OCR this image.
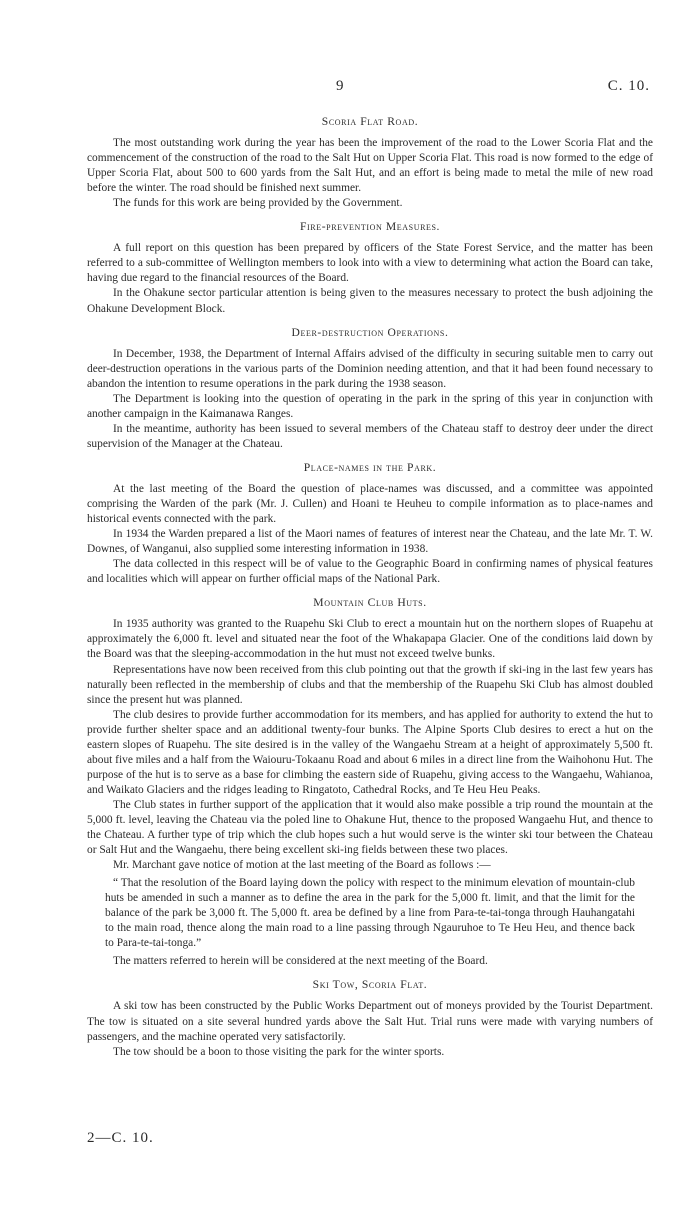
9	C. 10.
Scoria Flat Road.

The most outstanding work during the year has been the improvement of the road to the Lower Scoria Flat and the commencement of the construction of the road to the Salt Hut on Upper Scoria Flat. This road is now formed to the edge of Upper Scoria Flat, about 500 to 600 yards from the Salt Hut, and an effort is being made to metal the mile of new road before the winter. The road should be finished next summer.

The funds for this work are being provided by the Government.

Fire-prevention Measures.

A full report on this question has been prepared by officers of the State Forest Service, and the matter has been referred to a sub-committee of Wellington members to look into with a view to determining what action the Board can take, having due regard to the financial resources of the Board.

In the Ohakune sector particular attention is being given to the measures necessary to protect the bush adjoining the Ohakune Development Block.

Deer-destruction Operations.

In December, 1938, the Department of Internal Affairs advised of the difficulty in securing suitable men to carry out deer-destruction operations in the various parts of the Dominion needing attention, and that it had been found necessary to abandon the intention to resume operations in the park during the 1938 season.

The Department is looking into the question of operating in the park in the spring of this year in conjunction with another campaign in the Kaimanawa Ranges.

In the meantime, authority has been issued to several members of the Chateau staff to destroy deer under the direct supervision of the Manager at the Chateau.

Place-names in the Park.

At the last meeting of the Board the question of place-names was discussed, and a committee was appointed comprising the Warden of the park (Mr. J. Cullen) and Hoani te Heuheu to compile information as to place-names and historical events connected with the park.

In 1934 the Warden prepared a list of the Maori names of features of interest near the Chateau, and the late Mr. T. W. Downes, of Wanganui, also supplied some interesting information in 1938.

The data collected in this respect will be of value to the Geographic Board in confirming names of physical features and localities which will appear on further official maps of the National Park.

Mountain Club Huts.

In 1935 authority was granted to the Ruapehu Ski Club to erect a mountain hut on the northern slopes of Ruapehu at approximately the 6,000 ft. level and situated near the foot of the Whakapapa Glacier. One of the conditions laid down by the Board was that the sleeping-accommodation in the hut must not exceed twelve bunks.

Representations have now been received from this club pointing out that the growth if ski-ing in the last few years has naturally been reflected in the membership of clubs and that the membership of the Ruapehu Ski Club has almost doubled since the present hut was planned.

The club desires to provide further accommodation for its members, and has applied for authority to extend the hut to provide further shelter space and an additional twenty-four bunks. The Alpine Sports Club desires to erect a hut on the eastern slopes of Ruapehu. The site desired is in the valley of the Wangaehu Stream at a height of approximately 5,500 ft. about five miles and a half from the Waiouru-Tokaanu Road and about 6 miles in a direct line from the Waihohonu Hut. The purpose of the hut is to serve as a base for climbing the eastern side of Ruapehu, giving access to the Wangaehu, Wahianoa, and Waikato Glaciers and the ridges leading to Ringatoto, Cathedral Rocks, and Te Heu Heu Peaks.

The Club states in further support of the application that it would also make possible a trip round the mountain at the 5,000 ft. level, leaving the Chateau via the poled line to Ohakune Hut, thence to the proposed Wangaehu Hut, and thence to the Chateau. A further type of trip which the club hopes such a hut would serve is the winter ski tour between the Chateau or Salt Hut and the Wangaehu, there being excellent ski-ing fields between these two places.

Mr. Marchant gave notice of motion at the last meeting of the Board as follows :—

“ That the resolution of the Board laying down the policy with respect to the minimum elevation of mountain-club huts be amended in such a manner as to define the area in the park for the 5,000 ft. limit, and that the limit for the balance of the park be 3,000 ft. The 5,000 ft. area be defined by a line from Para-te-tai-tonga through Hauhangatahi to the main road, thence along the main road to a line passing through Ngauruhoe to Te Heu Heu, and thence back to Para-te-tai-tonga.”

The matters referred to herein will be considered at the next meeting of the Board.

Ski Tow, Scoria Flat.

A ski tow has been constructed by the Public Works Department out of moneys provided by the Tourist Department. The tow is situated on a site several hundred yards above the Salt Hut. Trial runs were made with varying numbers of passengers, and the machine operated very satisfactorily.

The tow should be a boon to those visiting the park for the winter sports.

2—C. 10.
